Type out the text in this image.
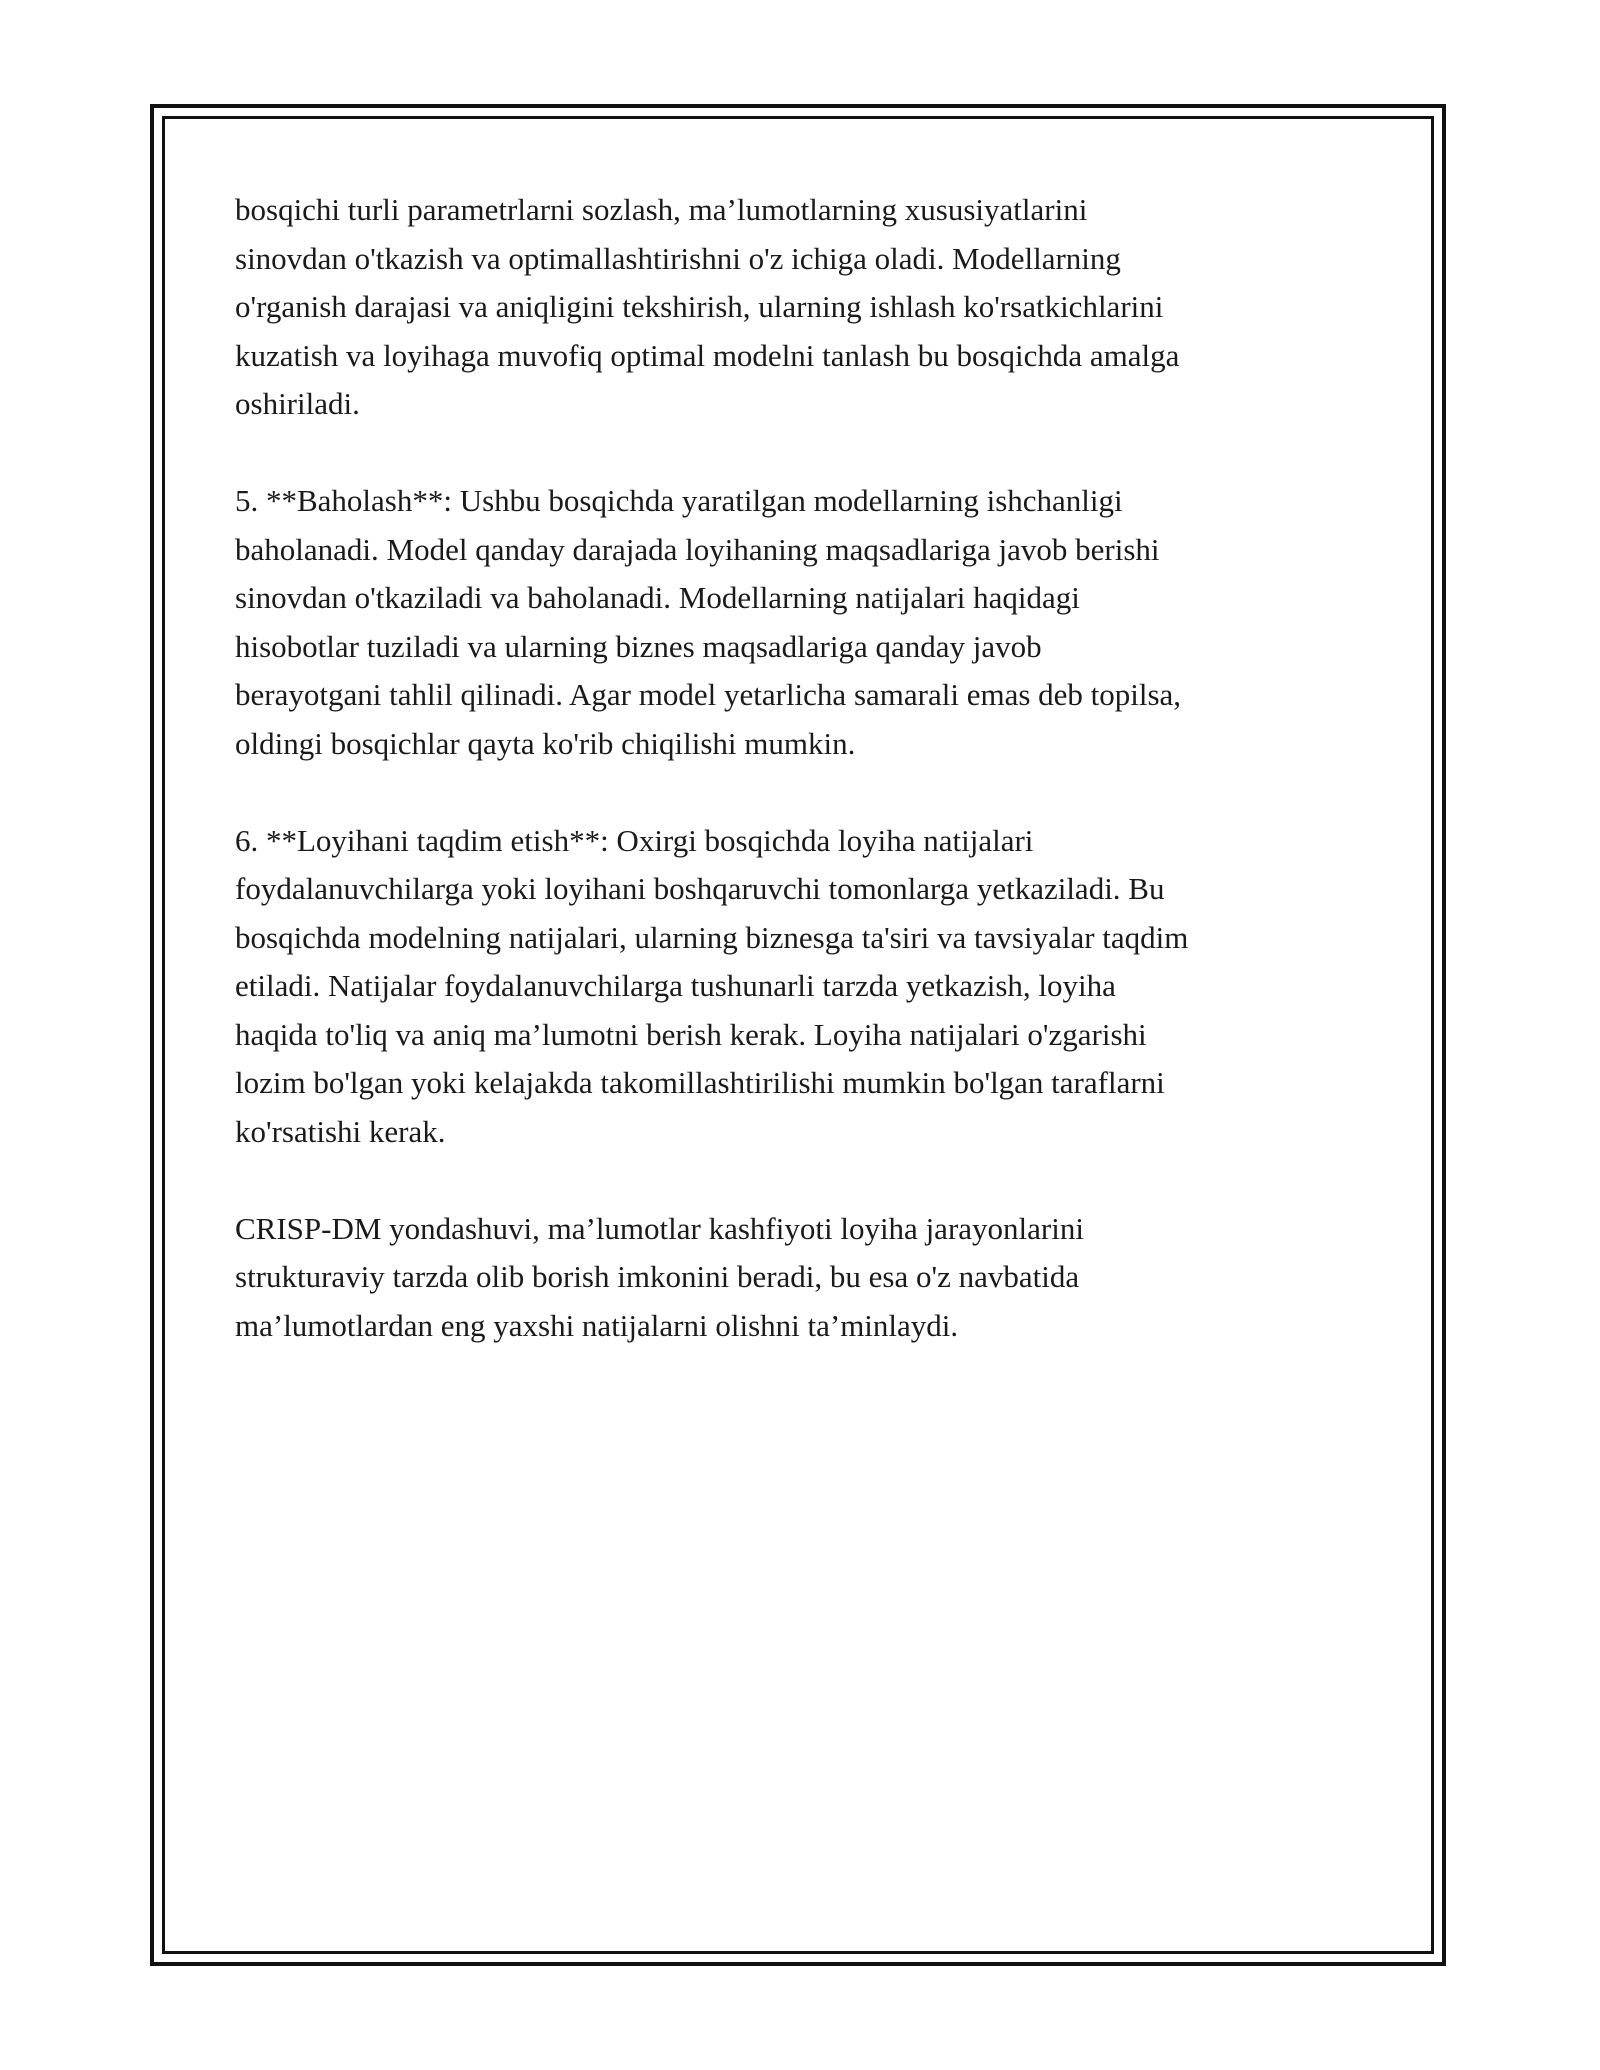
bosqichi turli parametrlarni sozlash, ma’lumotlarning xususiyatlarini
sinovdan o'tkazish va optimallashtirishni o'z ichiga oladi. Modellarning
o'rganish darajasi va aniqligini tekshirish, ularning ishlash ko'rsatkichlarini
kuzatish va loyihaga muvofiq optimal modelni tanlash bu bosqichda amalga
oshiriladi.

5. **Baholash**: Ushbu bosqichda yaratilgan modellarning ishchanligi
baholanadi. Model qanday darajada loyihaning maqsadlariga javob berishi
sinovdan o'tkaziladi va baholanadi. Modellarning natijalari haqidagi
hisobotlar tuziladi va ularning biznes maqsadlariga qanday javob
berayotgani tahlil qilinadi. Agar model yetarlicha samarali emas deb topilsa,
oldingi bosqichlar qayta ko'rib chiqilishi mumkin.

6. **Loyihani taqdim etish**: Oxirgi bosqichda loyiha natijalari
foydalanuvchilarga yoki loyihani boshqaruvchi tomonlarga yetkaziladi. Bu
bosqichda modelning natijalari, ularning biznesga ta'siri va tavsiyalar taqdim
etiladi. Natijalar foydalanuvchilarga tushunarli tarzda yetkazish, loyiha
haqida to'liq va aniq ma’lumotni berish kerak. Loyiha natijalari o'zgarishi
lozim bo'lgan yoki kelajakda takomillashtirilishi mumkin bo'lgan taraflarni
ko'rsatishi kerak.

CRISP-DM yondashuvi, ma’lumotlar kashfiyoti loyiha jarayonlarini
strukturaviy tarzda olib borish imkonini beradi, bu esa o'z navbatida
ma’lumotlardan eng yaxshi natijalarni olishni ta’minlaydi.
